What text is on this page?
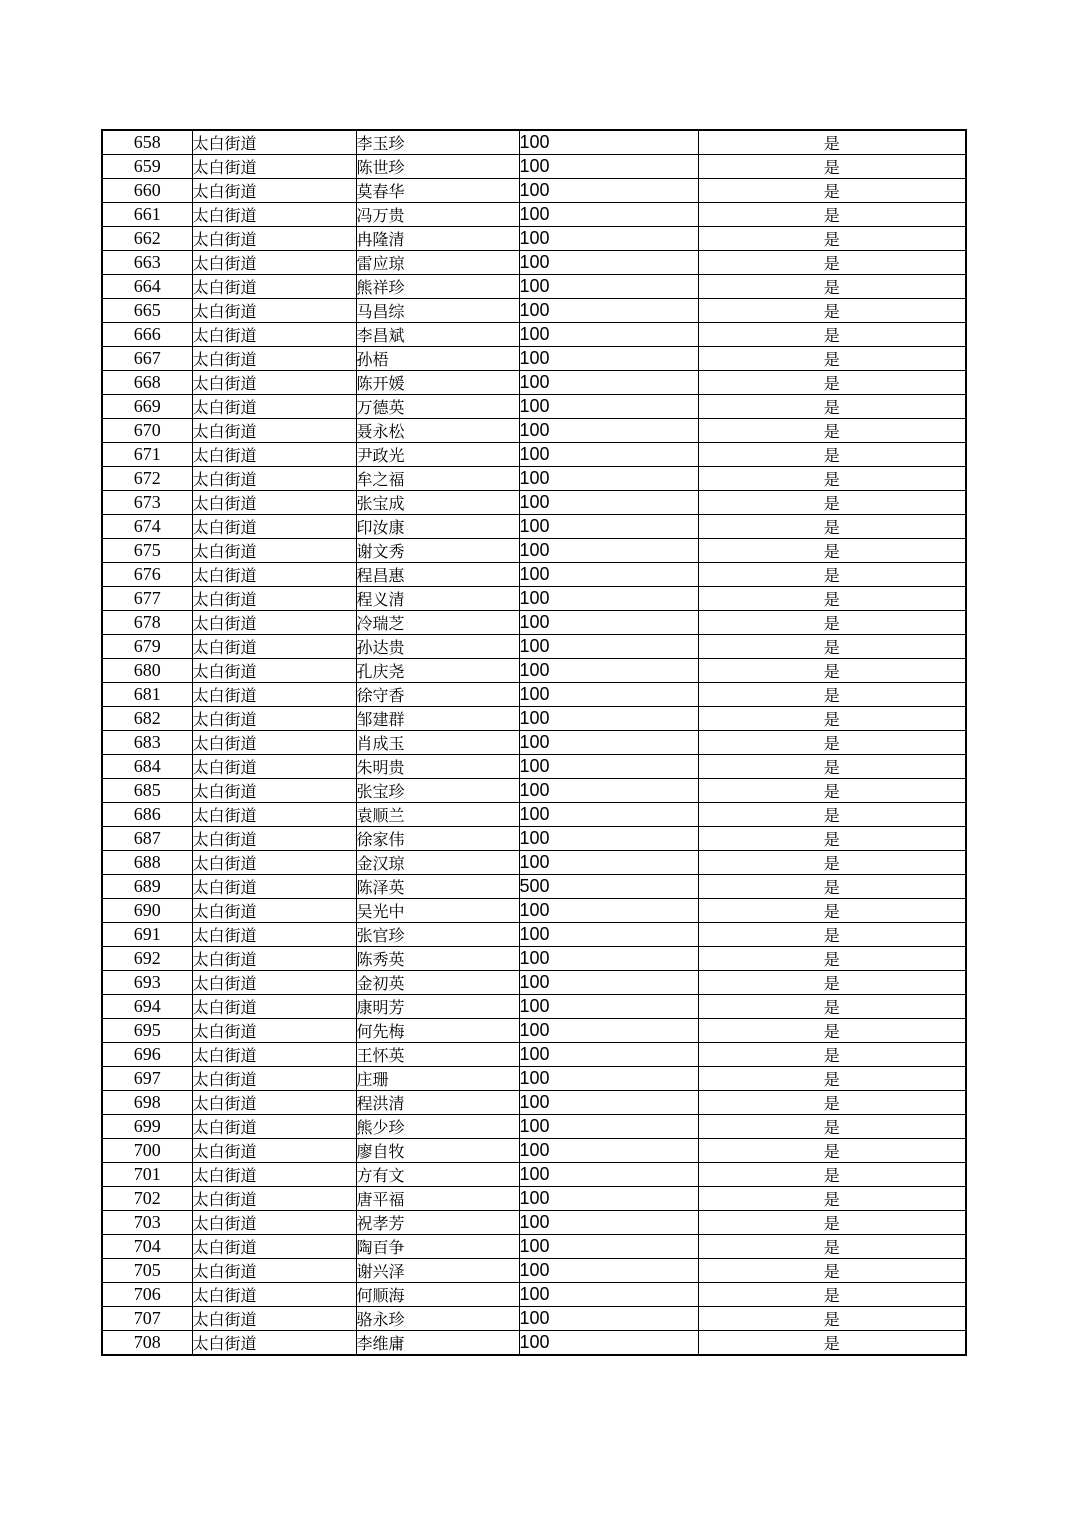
658	太白街道	李玉珍	100	是
659	太白街道	陈世珍	100	是
660	太白街道	莫春华	100	是
661	太白街道	冯万贵	100	是
662	太白街道	冉隆清	100	是
663	太白街道	雷应琼	100	是
664	太白街道	熊祥珍	100	是
665	太白街道	马昌综	100	是
666	太白街道	李昌斌	100	是
667	太白街道	孙梧	100	是
668	太白街道	陈开媛	100	是
669	太白街道	万德英	100	是
670	太白街道	聂永松	100	是
671	太白街道	尹政光	100	是
672	太白街道	牟之福	100	是
673	太白街道	张宝成	100	是
674	太白街道	印汝康	100	是
675	太白街道	谢文秀	100	是
676	太白街道	程昌惠	100	是
677	太白街道	程义清	100	是
678	太白街道	冷瑞芝	100	是
679	太白街道	孙达贵	100	是
680	太白街道	孔庆尧	100	是
681	太白街道	徐守香	100	是
682	太白街道	邹建群	100	是
683	太白街道	肖成玉	100	是
684	太白街道	朱明贵	100	是
685	太白街道	张宝珍	100	是
686	太白街道	袁顺兰	100	是
687	太白街道	徐家伟	100	是
688	太白街道	金汉琼	100	是
689	太白街道	陈泽英	500	是
690	太白街道	吴光中	100	是
691	太白街道	张官珍	100	是
692	太白街道	陈秀英	100	是
693	太白街道	金初英	100	是
694	太白街道	康明芳	100	是
695	太白街道	何先梅	100	是
696	太白街道	王怀英	100	是
697	太白街道	庄珊	100	是
698	太白街道	程洪清	100	是
699	太白街道	熊少珍	100	是
700	太白街道	廖自牧	100	是
701	太白街道	方有文	100	是
702	太白街道	唐平福	100	是
703	太白街道	祝孝芳	100	是
704	太白街道	陶百争	100	是
705	太白街道	谢兴泽	100	是
706	太白街道	何顺海	100	是
707	太白街道	骆永珍	100	是
708	太白街道	李维庸	100	是
